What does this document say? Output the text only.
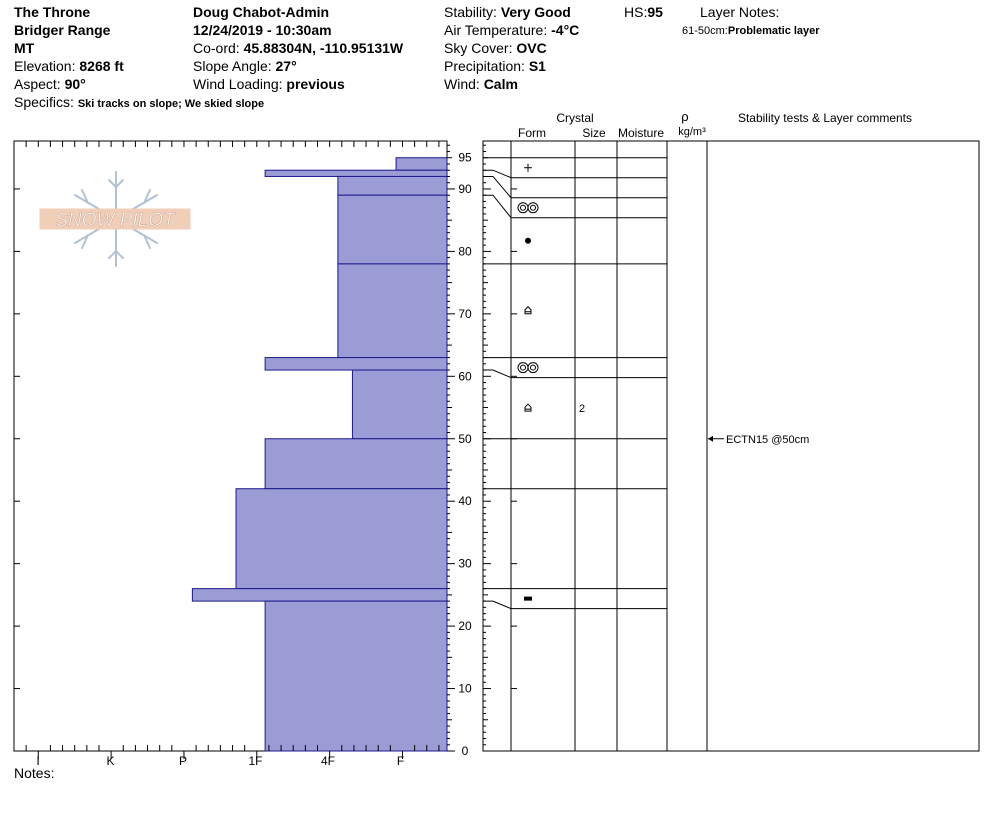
The Throne
Bridger Range
MT
Elevation: 8268 ft
Aspect: 90°
Specifics: Ski tracks on slope; We skied slope
Doug Chabot-Admin
12/24/2019 - 10:30am
Co-ord: 45.88304N, -110.95131W
Slope Angle: 27°
Wind Loading: previous
Stability: Very Good
Air Temperature: -4°C
Sky Cover: OVC
Precipitation: S1
Wind: Calm
HS:95	Layer Notes:
61-50cm:Problematic layer
SNOW PILOT
I	K	P	1F	4F	F
0
10
20
30
40
50
60
70
80
90
95
Crystal
Form	Size Moisture
ρ
kg/m³
Stability tests & Layer comments
2
ECTN15 @50cm
Notes:
